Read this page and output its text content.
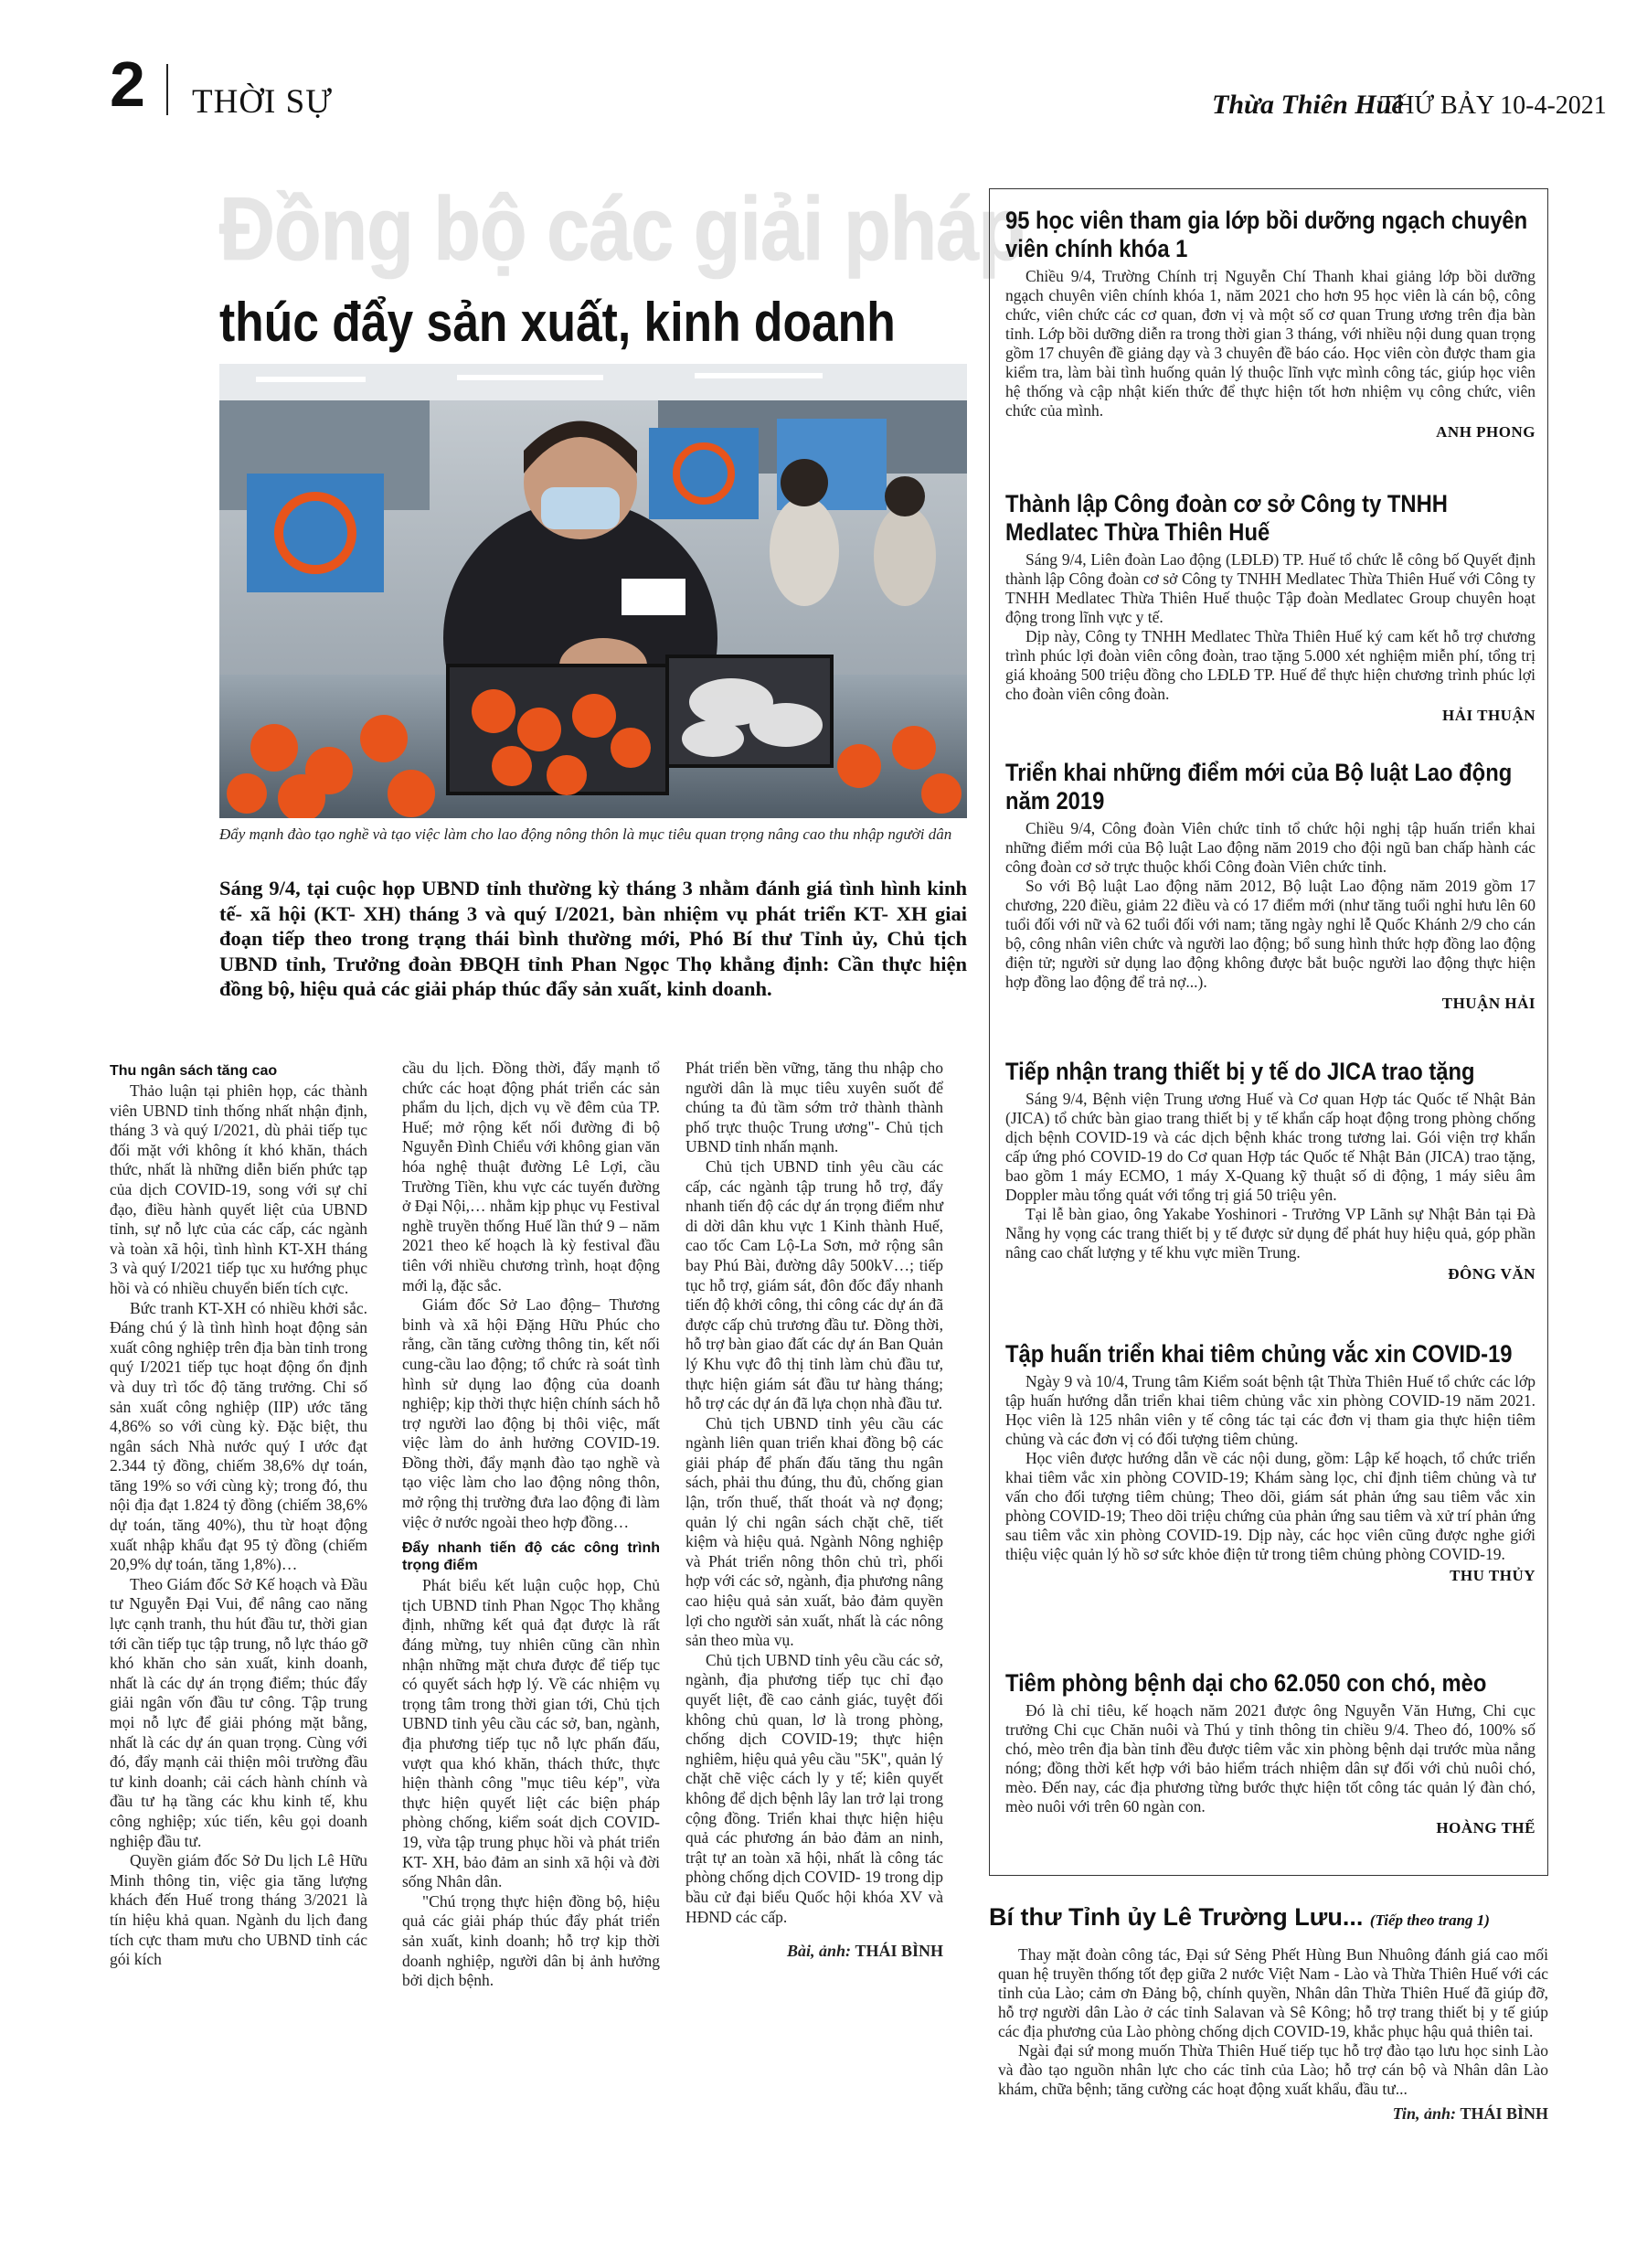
2 THỜI SỰ	Thừa Thiên Huế
THỨ BẢY 10-4-2021
Đồng bộ các giải pháp
thúc đẩy sản xuất, kinh doanh
Đẩy mạnh đào tạo nghề và tạo việc làm cho lao động nông thôn là mục tiêu quan trọng nâng cao thu nhập người dân
Sáng 9/4, tại cuộc họp UBND tỉnh thường kỳ tháng 3 nhằm đánh giá tình hình kinh tế- xã hội (KT- XH) tháng 3 và quý I/2021, bàn nhiệm vụ phát triển KT- XH giai đoạn tiếp theo trong trạng thái bình thường mới, Phó Bí thư Tỉnh ủy, Chủ tịch UBND tỉnh, Trưởng đoàn ĐBQH tỉnh Phan Ngọc Thọ khẳng định: Cần thực hiện đồng bộ, hiệu quả các giải pháp thúc đẩy sản xuất, kinh doanh.
Thu ngân sách tăng cao

Thảo luận tại phiên họp, các thành viên UBND tỉnh thống nhất nhận định, tháng 3 và quý I/2021, dù phải tiếp tục đối mặt với không ít khó khăn, thách thức, nhất là những diễn biến phức tạp của dịch COVID-19, song với sự chỉ đạo, điều hành quyết liệt của UBND tỉnh, sự nỗ lực của các cấp, các ngành và toàn xã hội, tình hình KT-XH tháng 3 và quý I/2021 tiếp tục xu hướng phục hồi và có nhiều chuyển biến tích cực.

Bức tranh KT-XH có nhiều khởi sắc. Đáng chú ý là tình hình hoạt động sản xuất công nghiệp trên địa bàn tỉnh trong quý I/2021 tiếp tục hoạt động ổn định và duy trì tốc độ tăng trưởng. Chỉ số sản xuất công nghiệp (IIP) ước tăng 4,86% so với cùng kỳ. Đặc biệt, thu ngân sách Nhà nước quý I ước đạt 2.344 tỷ đồng, chiếm 38,6% dự toán, tăng 19% so với cùng kỳ; trong đó, thu nội địa đạt 1.824 tỷ đồng (chiếm 38,6% dự toán, tăng 40%), thu từ hoạt động xuất nhập khẩu đạt 95 tỷ đồng (chiếm 20,9% dự toán, tăng 1,8%)…

Theo Giám đốc Sở Kế hoạch và Đầu tư Nguyễn Đại Vui, để nâng cao năng lực cạnh tranh, thu hút đầu tư, thời gian tới cần tiếp tục tập trung, nỗ lực tháo gỡ khó khăn cho sản xuất, kinh doanh, nhất là các dự án trọng điểm; thúc đẩy giải ngân vốn đầu tư công. Tập trung mọi nỗ lực để giải phóng mặt bằng, nhất là các dự án quan trọng. Cùng với đó, đẩy mạnh cải thiện môi trường đầu tư kinh doanh; cải cách hành chính và đầu tư hạ tầng các khu kinh tế, khu công nghiệp; xúc tiến, kêu gọi doanh nghiệp đầu tư.

Quyền giám đốc Sở Du lịch Lê Hữu Minh thông tin, việc gia tăng lượng khách đến Huế trong tháng 3/2021 là tín hiệu khả quan. Ngành du lịch đang tích cực tham mưu cho UBND tỉnh các gói kích

cầu du lịch. Đồng thời, đẩy mạnh tổ chức các hoạt động phát triển các sản phẩm du lịch, dịch vụ về đêm của TP. Huế; mở rộng kết nối đường đi bộ Nguyễn Đình Chiểu với không gian văn hóa nghệ thuật đường Lê Lợi, cầu Trường Tiền, khu vực các tuyến đường ở Đại Nội,… nhằm kịp phục vụ Festival nghề truyền thống Huế lần thứ 9 – năm 2021 theo kế hoạch là kỳ festival đầu tiên với nhiều chương trình, hoạt động mới lạ, đặc sắc.

Giám đốc Sở Lao động– Thương binh và xã hội Đặng Hữu Phúc cho rằng, cần tăng cường thông tin, kết nối cung-cầu lao động; tổ chức rà soát tình hình sử dụng lao động của doanh nghiệp; kịp thời thực hiện chính sách hỗ trợ người lao động bị thôi việc, mất việc làm do ảnh hưởng COVID-19. Đồng thời, đẩy mạnh đào tạo nghề và tạo việc làm cho lao động nông thôn, mở rộng thị trường đưa lao động đi làm việc ở nước ngoài theo hợp đồng…

Đẩy nhanh tiến độ các công trình trọng điểm

Phát biểu kết luận cuộc họp, Chủ tịch UBND tỉnh Phan Ngọc Thọ khẳng định, những kết quả đạt được là rất đáng mừng, tuy nhiên cũng cần nhìn nhận những mặt chưa được để tiếp tục có quyết sách hợp lý. Về các nhiệm vụ trọng tâm trong thời gian tới, Chủ tịch UBND tỉnh yêu cầu các sở, ban, ngành, địa phương tiếp tục nỗ lực phấn đấu, vượt qua khó khăn, thách thức, thực hiện thành công "mục tiêu kép", vừa thực hiện quyết liệt các biện pháp phòng chống, kiểm soát dịch COVID-19, vừa tập trung phục hồi và phát triển KT- XH, bảo đảm an sinh xã hội và đời sống Nhân dân.

"Chú trọng thực hiện đồng bộ, hiệu quả các giải pháp thúc đẩy phát triển sản xuất, kinh doanh; hỗ trợ kịp thời doanh nghiệp, người dân bị ảnh hưởng bởi dịch bệnh.

Phát triển bền vững, tăng thu nhập cho người dân là mục tiêu xuyên suốt để chúng ta đủ tầm sớm trở thành thành phố trực thuộc Trung ương"- Chủ tịch UBND tỉnh nhấn mạnh.

Chủ tịch UBND tỉnh yêu cầu các cấp, các ngành tập trung hỗ trợ, đẩy nhanh tiến độ các dự án trọng điểm như di dời dân khu vực 1 Kinh thành Huế, cao tốc Cam Lộ-La Sơn, mở rộng sân bay Phú Bài, đường dây 500kV…; tiếp tục hỗ trợ, giám sát, đôn đốc đẩy nhanh tiến độ khởi công, thi công các dự án đã được cấp chủ trương đầu tư. Đồng thời, hỗ trợ bàn giao đất các dự án Ban Quản lý Khu vực đô thị tỉnh làm chủ đầu tư, thực hiện giám sát đầu tư hàng tháng; hỗ trợ các dự án đã lựa chọn nhà đầu tư.

Chủ tịch UBND tỉnh yêu cầu các ngành liên quan triển khai đồng bộ các giải pháp để phấn đấu tăng thu ngân sách, phải thu đúng, thu đủ, chống gian lận, trốn thuế, thất thoát và nợ đọng; quản lý chi ngân sách chặt chẽ, tiết kiệm và hiệu quả. Ngành Nông nghiệp và Phát triển nông thôn chủ trì, phối hợp với các sở, ngành, địa phương nâng cao hiệu quả sản xuất, bảo đảm quyền lợi cho người sản xuất, nhất là các nông sản theo mùa vụ.

Chủ tịch UBND tỉnh yêu cầu các sở, ngành, địa phương tiếp tục chỉ đạo quyết liệt, đề cao cảnh giác, tuyệt đối không chủ quan, lơ là trong phòng, chống dịch COVID-19; thực hiện nghiêm, hiệu quả yêu cầu "5K", quản lý chặt chẽ việc cách ly y tế; kiên quyết không để dịch bệnh lây lan trở lại trong cộng đồng. Triển khai thực hiện hiệu quả các phương án bảo đảm an ninh, trật tự an toàn xã hội, nhất là công tác phòng chống dịch COVID- 19 trong dịp bầu cử đại biểu Quốc hội khóa XV và HĐND các cấp.

Bài, ảnh: THÁI BÌNH
95 học viên tham gia lớp bồi dưỡng ngạch chuyên viên chính khóa 1

Chiều 9/4, Trường Chính trị Nguyễn Chí Thanh khai giảng lớp bồi dưỡng ngạch chuyên viên chính khóa 1, năm 2021 cho hơn 95 học viên là cán bộ, công chức, viên chức các cơ quan, đơn vị và một số cơ quan Trung ương trên địa bàn tỉnh. Lớp bồi dưỡng diễn ra trong thời gian 3 tháng, với nhiều nội dung quan trọng gồm 17 chuyên đề giảng dạy và 3 chuyên đề báo cáo. Học viên còn được tham gia kiểm tra, làm bài tình huống quản lý thuộc lĩnh vực mình công tác, giúp học viên hệ thống và cập nhật kiến thức để thực hiện tốt hơn nhiệm vụ công chức, viên chức của mình.

ANH PHONG
Thành lập Công đoàn cơ sở Công ty TNHH Medlatec Thừa Thiên Huế

Sáng 9/4, Liên đoàn Lao động (LĐLĐ) TP. Huế tổ chức lễ công bố Quyết định thành lập Công đoàn cơ sở Công ty TNHH Medlatec Thừa Thiên Huế với Công ty TNHH Medlatec Thừa Thiên Huế thuộc Tập đoàn Medlatec Group chuyên hoạt động trong lĩnh vực y tế.

Dịp này, Công ty TNHH Medlatec Thừa Thiên Huế ký cam kết hỗ trợ chương trình phúc lợi đoàn viên công đoàn, trao tặng 5.000 xét nghiệm miễn phí, tổng trị giá khoảng 500 triệu đồng cho LĐLĐ TP. Huế để thực hiện chương trình phúc lợi cho đoàn viên công đoàn.

HẢI THUẬN
Triển khai những điểm mới của Bộ luật Lao động năm 2019

Chiều 9/4, Công đoàn Viên chức tỉnh tổ chức hội nghị tập huấn triển khai những điểm mới của Bộ luật Lao động năm 2019 cho đội ngũ ban chấp hành các công đoàn cơ sở trực thuộc khối Công đoàn Viên chức tỉnh.

So với Bộ luật Lao động năm 2012, Bộ luật Lao động năm 2019 gồm 17 chương, 220 điều, giảm 22 điều và có 17 điểm mới (như tăng tuổi nghỉ hưu lên 60 tuổi đối với nữ và 62 tuổi đối với nam; tăng ngày nghỉ lễ Quốc Khánh 2/9 cho cán bộ, công nhân viên chức và người lao động; bổ sung hình thức hợp đồng lao động điện tử; người sử dụng lao động không được bắt buộc người lao động thực hiện hợp đồng lao động để trả nợ...).

THUẬN HẢI
Tiếp nhận trang thiết bị y tế do JICA trao tặng

Sáng 9/4, Bệnh viện Trung ương Huế và Cơ quan Hợp tác Quốc tế Nhật Bản (JICA) tổ chức bàn giao trang thiết bị y tế khẩn cấp hoạt động trong phòng chống dịch bệnh COVID-19 và các dịch bệnh khác trong tương lai. Gói viện trợ khẩn cấp ứng phó COVID-19 do Cơ quan Hợp tác Quốc tế Nhật Bản (JICA) trao tặng, bao gồm 1 máy ECMO, 1 máy X-Quang kỹ thuật số di động, 1 máy siêu âm Doppler màu tổng quát với tổng trị giá 50 triệu yên.

Tại lễ bàn giao, ông Yakabe Yoshinori - Trưởng VP Lãnh sự Nhật Bản tại Đà Nẵng hy vọng các trang thiết bị y tế được sử dụng để phát huy hiệu quả, góp phần nâng cao chất lượng y tế khu vực miền Trung.

ĐÔNG VĂN
Tập huấn triển khai tiêm chủng vắc xin COVID-19

Ngày 9 và 10/4, Trung tâm Kiểm soát bệnh tật Thừa Thiên Huế tổ chức các lớp tập huấn hướng dẫn triển khai tiêm chủng vắc xin phòng COVID-19 năm 2021. Học viên là 125 nhân viên y tế công tác tại các đơn vị tham gia thực hiện tiêm chủng và các đơn vị có đối tượng tiêm chủng.

Học viên được hướng dẫn về các nội dung, gồm: Lập kế hoạch, tổ chức triển khai tiêm vắc xin phòng COVID-19; Khám sàng lọc, chỉ định tiêm chủng và tư vấn cho đối tượng tiêm chủng; Theo dõi, giám sát phản ứng sau tiêm vắc xin phòng COVID-19; Theo dõi triệu chứng của phản ứng sau tiêm và xử trí phản ứng sau tiêm vắc xin phòng COVID-19. Dịp này, các học viên cũng được nghe giới thiệu việc quản lý hồ sơ sức khỏe điện tử trong tiêm chủng phòng COVID-19.

THU THỦY
Tiêm phòng bệnh dại cho 62.050 con chó, mèo

Đó là chỉ tiêu, kế hoạch năm 2021 được ông Nguyễn Văn Hưng, Chi cục trưởng Chi cục Chăn nuôi và Thú y tỉnh thông tin chiều 9/4. Theo đó, 100% số chó, mèo trên địa bàn tỉnh đều được tiêm vắc xin phòng bệnh dại trước mùa nắng nóng; đồng thời kết hợp với bảo hiểm trách nhiệm dân sự đối với chủ nuôi chó, mèo. Đến nay, các địa phương từng bước thực hiện tốt công tác quản lý đàn chó, mèo nuôi với trên 60 ngàn con.

HOÀNG THẾ
Bí thư Tỉnh ủy Lê Trường Lưu... (Tiếp theo trang 1)

Thay mặt đoàn công tác, Đại sứ Sẻng Phết Hùng Bun Nhuông đánh giá cao mối quan hệ truyền thống tốt đẹp giữa 2 nước Việt Nam - Lào và Thừa Thiên Huế với các tỉnh của Lào; cảm ơn Đảng bộ, chính quyền, Nhân dân Thừa Thiên Huế đã giúp đỡ, hỗ trợ người dân Lào ở các tỉnh Salavan và Sê Kông; hỗ trợ trang thiết bị y tế giúp các địa phương của Lào phòng chống dịch COVID-19, khắc phục hậu quả thiên tai.

Ngài đại sứ mong muốn Thừa Thiên Huế tiếp tục hỗ trợ đào tạo lưu học sinh Lào và đào tạo nguồn nhân lực cho các tỉnh của Lào; hỗ trợ cán bộ và Nhân dân Lào khám, chữa bệnh; tăng cường các hoạt động xuất khẩu, đầu tư...

Tin, ảnh: THÁI BÌNH
